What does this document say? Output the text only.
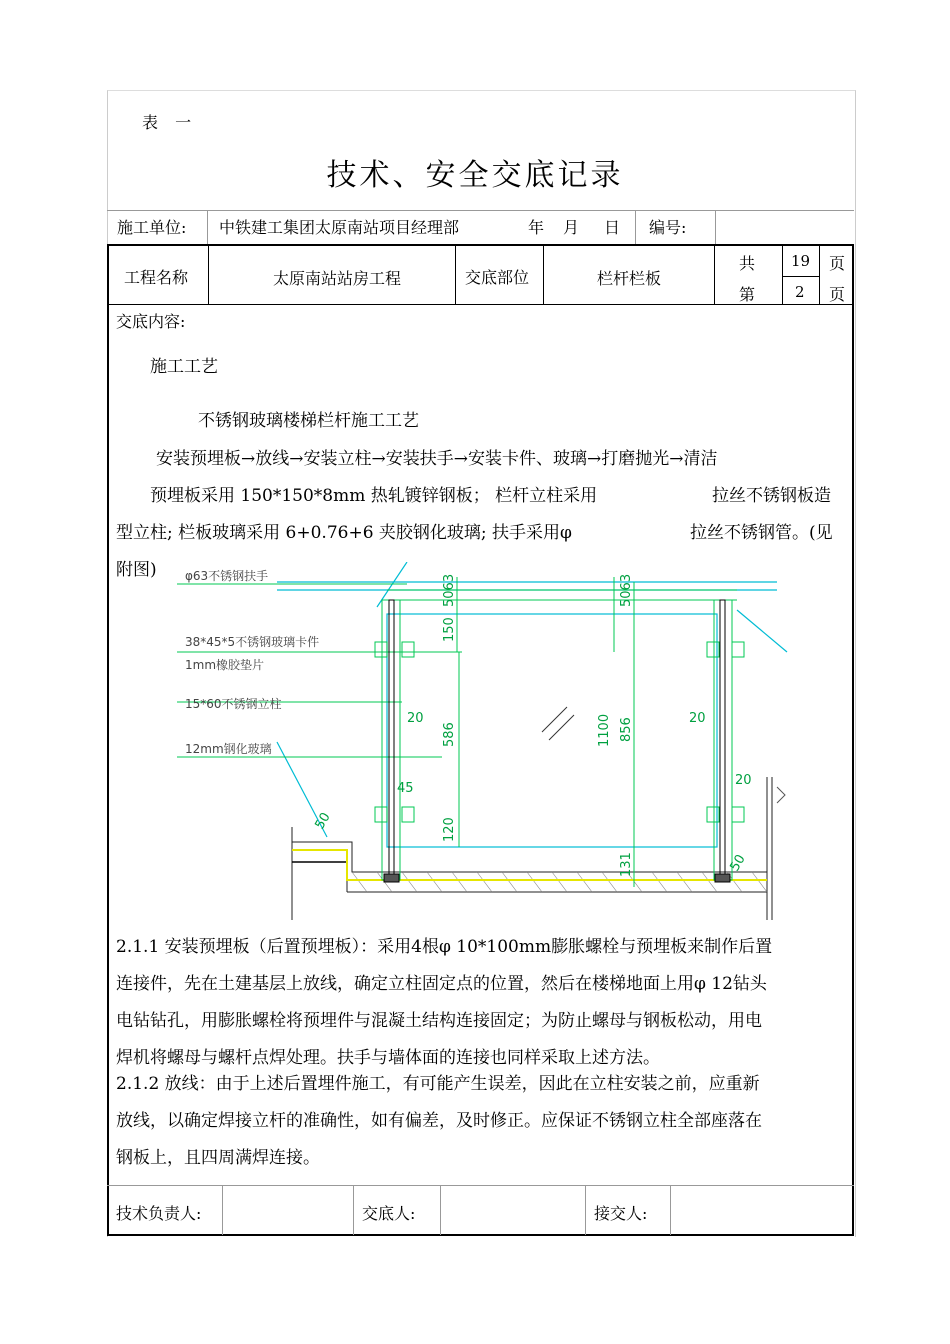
表 一
技术、安全交底记录
施工单位: 中铁建工集团太原南站项目经理部	年 月 日 编号:
工程名称	太原南站站房工程	交底部位	栏杆栏板
共 19 页
第	2 页
交底内容:
施工工艺
不锈钢玻璃楼梯栏杆施工工艺
安装预埋板→放线→安装立柱→安装扶手→安装卡件、玻璃→打磨抛光→清洁
预埋板采用 150*150*8mm 热轧镀锌钢板； 栏杆立柱采用	拉丝不锈钢板造
型立柱; 栏板玻璃采用 6+0.76+6 夹胶钢化玻璃; 扶手采用φ	拉丝不锈钢管。(见
附图)
5063	5063
150
586	1100 856
120
131
20	20
20
45
50
50
φ63不锈钢扶手
38*45*5不锈钢玻璃卡件
1mm橡胶垫片
15*60不锈钢立柱
12mm钢化玻璃
2.1.1 安装预埋板（后置预埋板）：采用4根φ 10*100mm膨胀螺栓与预埋板来制作后置
连接件，先在土建基层上放线，确定立柱固定点的位置，然后在楼梯地面上用φ 12钻头
电钻钻孔，用膨胀螺栓将预埋件与混凝土结构连接固定；为防止螺母与钢板松动，用电
焊机将螺母与螺杆点焊处理。扶手与墙体面的连接也同样采取上述方法。
2.1.2 放线：由于上述后置埋件施工，有可能产生误差，因此在立柱安装之前，应重新
放线，以确定焊接立杆的准确性，如有偏差，及时修正。应保证不锈钢立柱全部座落在
钢板上，且四周满焊连接。
技术负责人:	交底人:	接交人:
